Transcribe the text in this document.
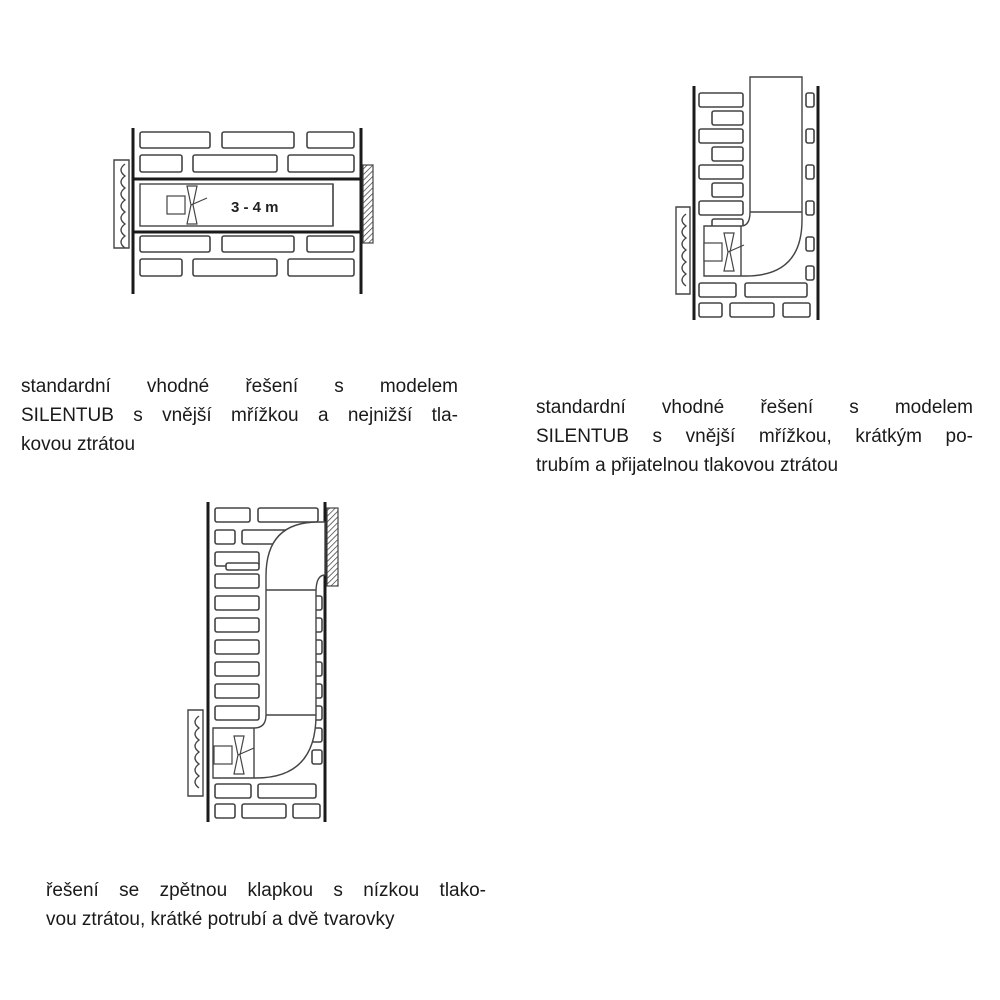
3 - 4 m
standardní vhodné řešení s modelem
SILENTUB s vnější mřížkou a nejnižší tla-
kovou ztrátou
standardní vhodné řešení s modelem
SILENTUB s vnější mřížkou, krátkým po-
trubím a přijatelnou tlakovou ztrátou
řešení se zpětnou klapkou s nízkou tlako-
vou ztrátou, krátké potrubí a dvě tvarovky
